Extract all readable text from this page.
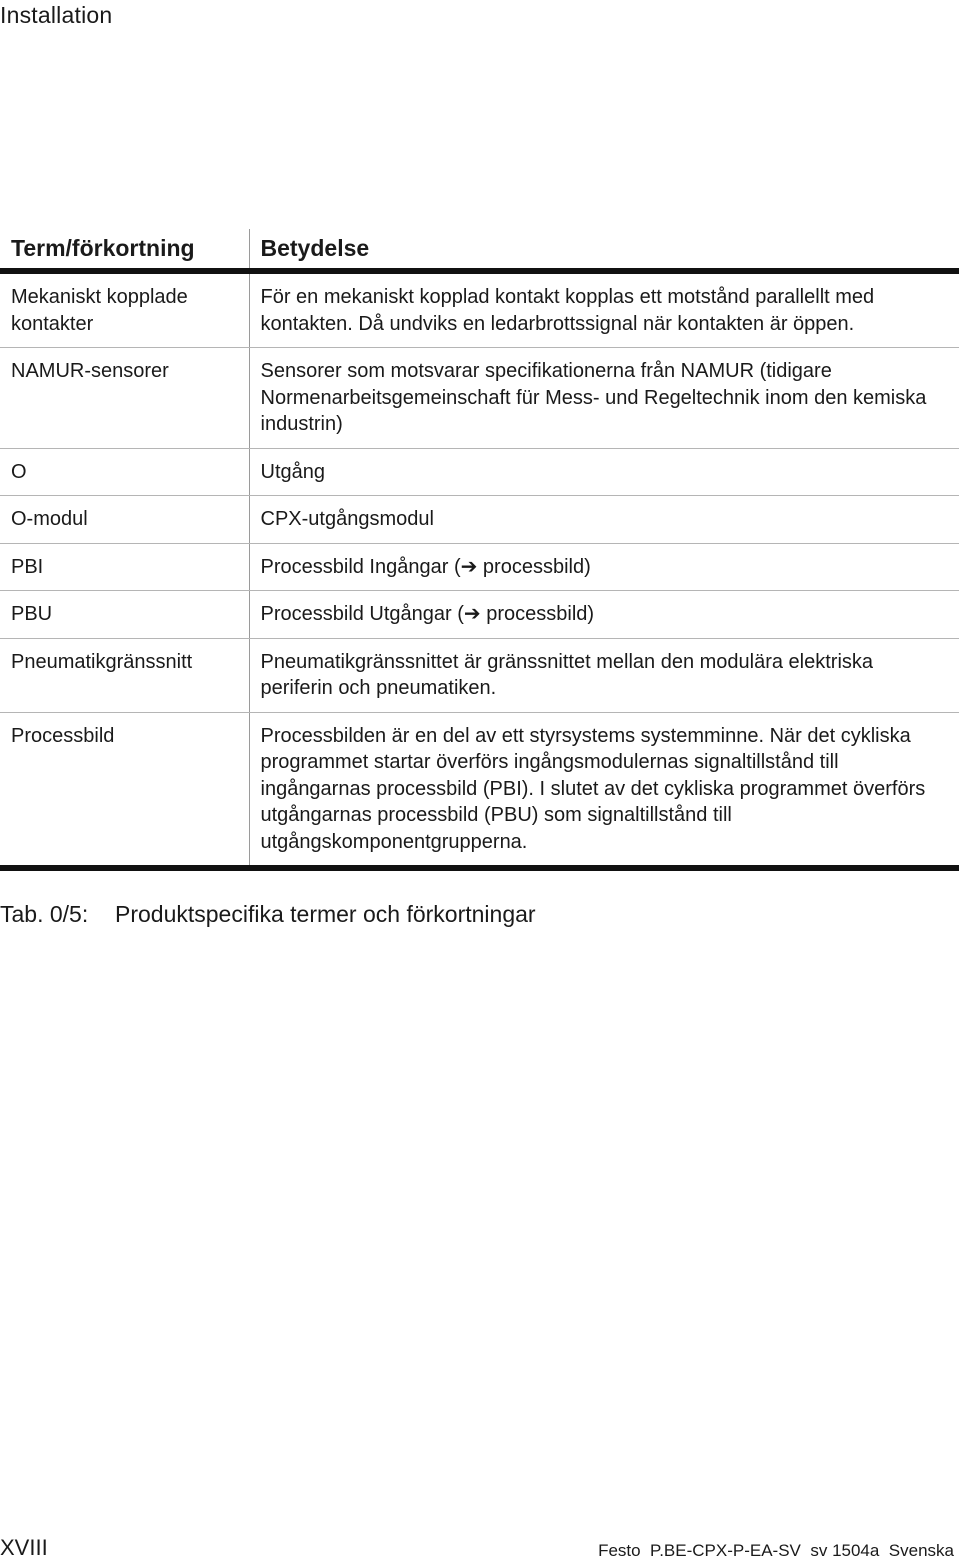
Installation
Term/förkortning	Betydelse
Mekaniskt kopplade kontakter	För en mekaniskt kopplad kontakt kopplas ett motstånd parallellt med kontakten. Då undviks en ledarbrottssignal när kontakten är öppen.
NAMUR-sensorer	Sensorer som motsvarar specifikationerna från NAMUR (tidigare Normenarbeitsgemeinschaft für Mess- und Regeltechnik inom den kemiska industrin)
O	Utgång
O-modul	CPX-utgångsmodul
PBI	Processbild Ingångar (➔ processbild)
PBU	Processbild Utgångar (➔ processbild)
Pneumatikgränssnitt	Pneumatikgränssnittet är gränssnittet mellan den modulära elektriska periferin och pneumatiken.
Processbild	Processbilden är en del av ett styrsystems systemminne. När det cykliska programmet startar överförs ingångsmodulernas signaltillstånd till ingångarnas processbild (PBI). I slutet av det cykliska programmet överförs utgångarnas processbild (PBU) som signaltillstånd till utgångskomponentgrupperna.
Tab. 0/5: Produktspecifika termer och förkortningar
XVIII	Festo  P.BE-CPX-P-EA-SV  sv 1504a  Svenska
